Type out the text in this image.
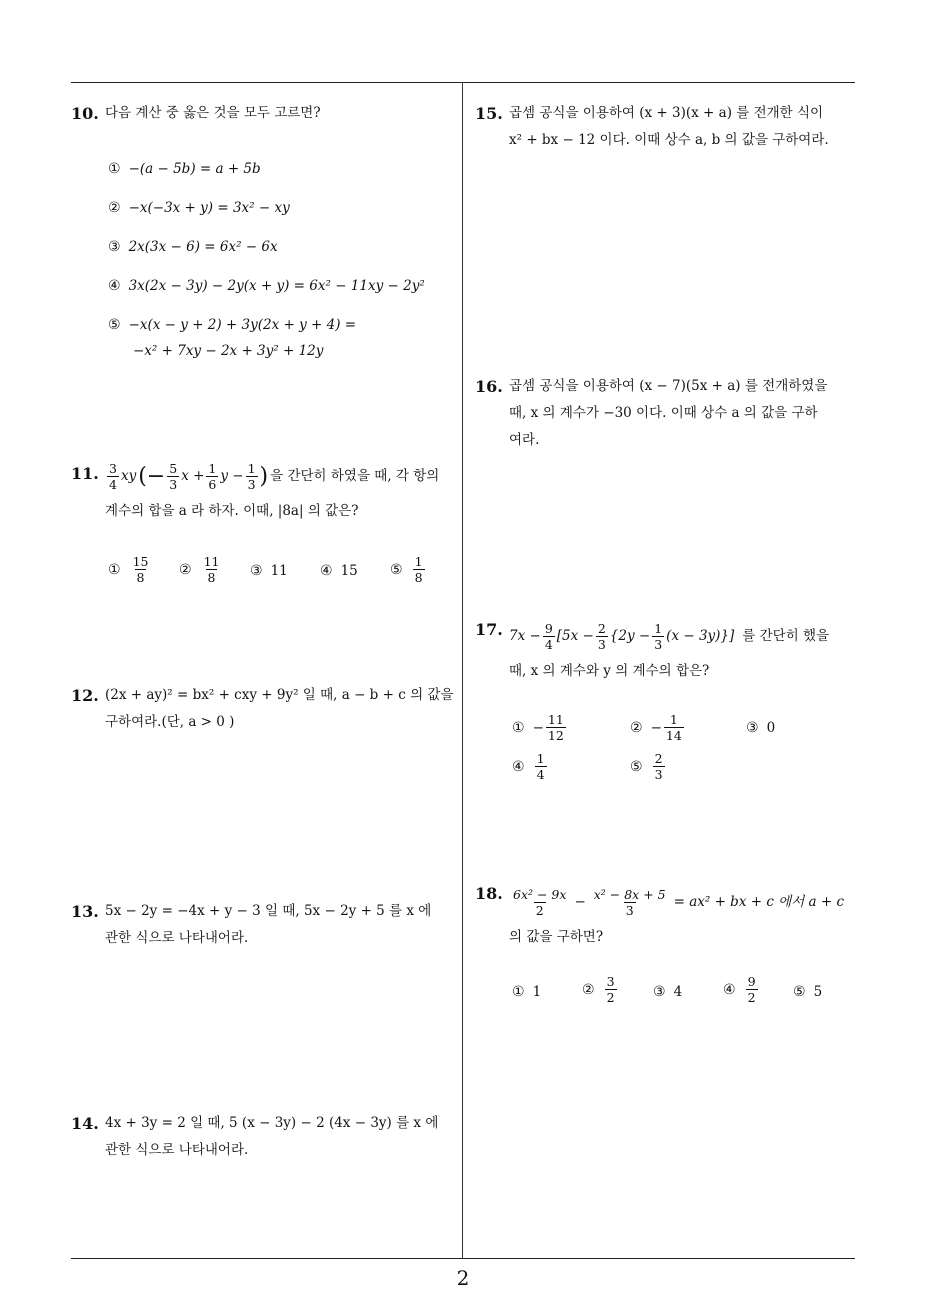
2
10. 다음 계산 중 옳은 것을 모두 고르면?
① −(a − 5b) = a + 5b
② −x(−3x + y) = 3x² − xy
③ 2x(3x − 6) = 6x² − 6x
④ 3x(2x − 3y) − 2y(x + y) = 6x² − 11xy − 2y²
⑤ −x(x − y + 2) + 3y(2x + y + 4) =
−x² + 7xy − 2x + 3y² + 12y
11. $\frac{3}{4}$ xy (− $\frac{5}{3}$ $x + \frac{1}{6}$ $y - \frac{1}{3}$ ) 을 간단히 하였을 때, 각 항의
계수의 합을 a 라 하자. 이때, |8a| 의 값은?
① $\frac{15}{8}$ ② $\frac{11}{8}$ ③ 11 ④ 15 ⑤ $\frac{1}{8}$
12. (2x + ay)² = bx² + cxy + 9y² 일 때, a − b + c 의 값을
구하여라.(단, a > 0 )
13. 5x − 2y = −4x + y − 3 일 때, 5x − 2y + 5 를 x 에
관한 식으로 나타내어라.
14. 4x + 3y = 2 일 때, 5 (x − 3y) − 2 (4x − 3y) 를 x 에
관한 식으로 나타내어라.
15. 곱셈 공식을 이용하여 (x + 3)(x + a) 를 전개한 식이
x² + bx − 12 이다. 이때 상수 a, b 의 값을 구하여라.
16. 곱셈 공식을 이용하여 (x − 7)(5x + a) 를 전개하였을
때, x 의 계수가 −30 이다. 이때 상수 a 의 값을 구하
여라.
17. $7x - \frac{9}{4} [5x - \frac{2}{3} \{2y - \frac{1}{3} (x - 3y)\}]$ 를 간단히 했을
때, x 의 계수와 y 의 계수의 합은?
① − $\frac{11}{12}$	② − $\frac{1}{14}$	③ 0
④ $\frac{1}{4}$	⑤ $\frac{2}{3}$
18. $\frac{\text{6x² − 9x}}{2} - \frac{\text{x² − 8x + 5}}{3} = ax^2$ + bx + c 에서 a + c
의 값을 구하면?
① 1	② $\frac{3}{2}$	③ 4	④ $\frac{9}{2}$	⑤ 5
